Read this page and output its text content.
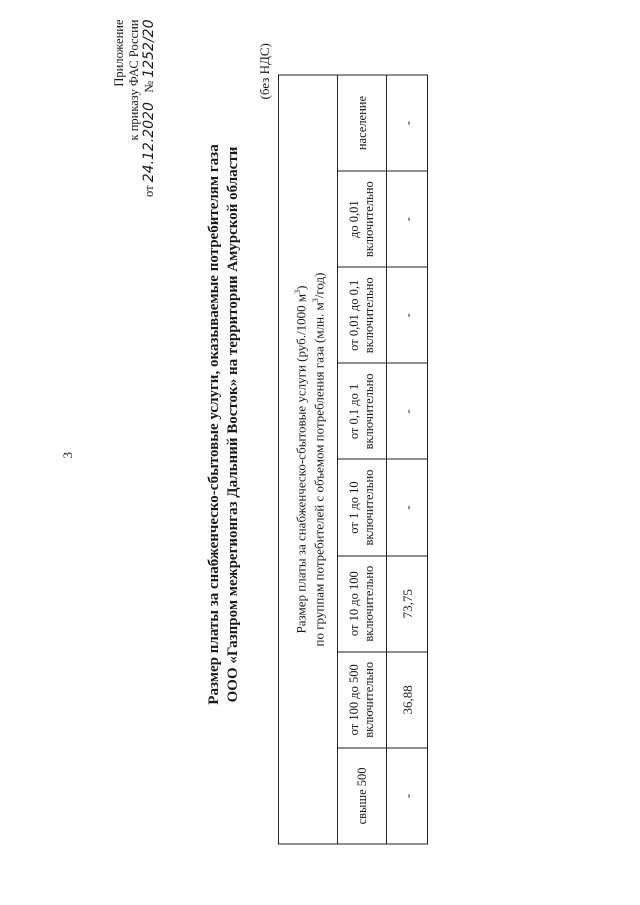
3
Приложение к приказу ФАС России
от 24.12.2020   № 1252/20
Размер платы за снабженческо-сбытовые услуги, оказываемые потребителям газа ООО «Газпром межрегионгаз Дальний Восток» на территории Амурской области
(без НДС)
Размер платы за снабженческо-сбытовые услуги (руб./1000 $м^3$)
по группам потребителей с объемом потребления газа (млн. $м^3/год$)							
свыше 500	от 100 до 500 включительно	от 10 до 100 включительно	от 1 до 10 включительно	от 0,1 до 1 включительно	от 0,01 до 0,1 включительно	до 0,01 включительно	население
-	36,88	73,75	-	-	-	-	-
